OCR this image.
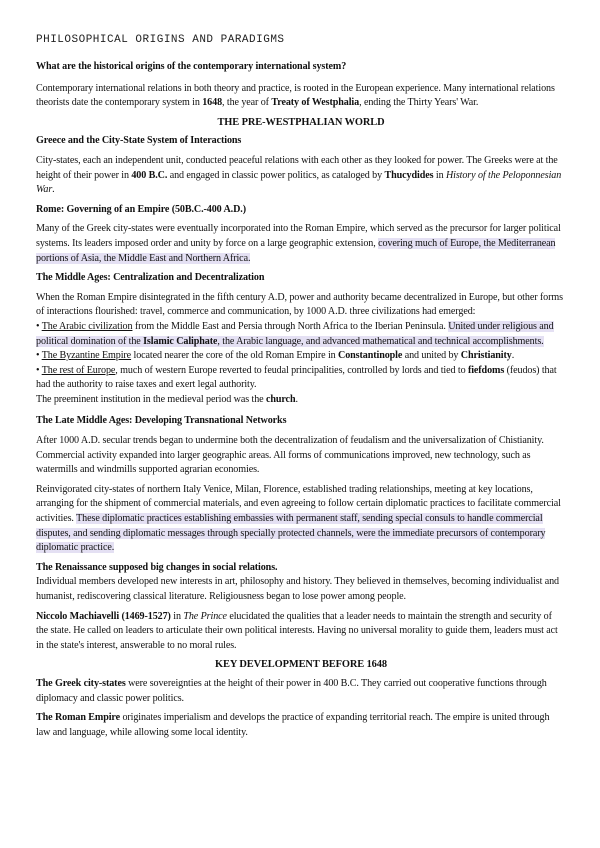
PHILOSOPHICAL ORIGINS AND PARADIGMS

What are the historical origins of the contemporary international system?

Contemporary international relations in both theory and practice, is rooted in the European experience. Many international relations theorists date the contemporary system in 1648, the year of Treaty of Westphalia, ending the Thirty Years' War.

THE PRE-WESTPHALIAN WORLD

Greece and the City-State System of Interactions

City-states, each an independent unit, conducted peaceful relations with each other as they looked for power. The Greeks were at the height of their power in 400 B.C. and engaged in classic power politics, as cataloged by Thucydides in History of the Peloponnesian War.

Rome: Governing of an Empire (50B.C.-400 A.D.)

Many of the Greek city-states were eventually incorporated into the Roman Empire, which served as the precursor for larger political systems. Its leaders imposed order and unity by force on a large geographic extension, covering much of Europe, the Mediterranean portions of Asia, the Middle East and Northern Africa.

The Middle Ages: Centralization and Decentralization

When the Roman Empire disintegrated in the fifth century A.D, power and authority became decentralized in Europe, but other forms of interactions flourished: travel, commerce and communication, by 1000 A.D. three civilizations had emerged:

• The Arabic civilization from the Middle East and Persia through North Africa to the Iberian Peninsula. United under religious and political domination of the Islamic Caliphate, the Arabic language, and advanced mathematical and technical accomplishments.

• The Byzantine Empire located nearer the core of the old Roman Empire in Constantinople and united by Christianity.

• The rest of Europe, much of western Europe reverted to feudal principalities, controlled by lords and tied to fiefdoms (feudos) that had the authority to raise taxes and exert legal authority.

The preeminent institution in the medieval period was the church.

The Late Middle Ages: Developing Transnational Networks

After 1000 A.D. secular trends began to undermine both the decentralization of feudalism and the universalization of Chistianity. Commercial activity expanded into larger geographic areas. All forms of communications improved, new technology, such as watermills and windmills supported agrarian economies.

Reinvigorated city-states of northern Italy Venice, Milan, Florence, established trading relationships, meeting at key locations, arranging for the shipment of commercial materials, and even agreeing to follow certain diplomatic practices to facilitate commercial activities. These diplomatic practices establishing embassies with permanent staff, sending special consuls to handle commercial disputes, and sending diplomatic messages through specially protected channels, were the immediate precursors of contemporary diplomatic practice.

The Renaissance supposed big changes in social relations.

Individual members developed new interests in art, philosophy and history. They believed in themselves, becoming individualist and humanist, rediscovering classical literature. Religiousness began to lose power among people.

Niccolo Machiavelli (1469-1527) in The Prince elucidated the qualities that a leader needs to maintain the strength and security of the state. He called on leaders to articulate their own political interests. Having no universal morality to guide them, leaders must act in the state's interest, answerable to no moral rules.

KEY DEVELOPMENT BEFORE 1648

The Greek city-states were sovereignties at the height of their power in 400 B.C. They carried out cooperative functions through diplomacy and classic power politics.

The Roman Empire originates imperialism and develops the practice of expanding territorial reach. The empire is united through law and language, while allowing some local identity.
